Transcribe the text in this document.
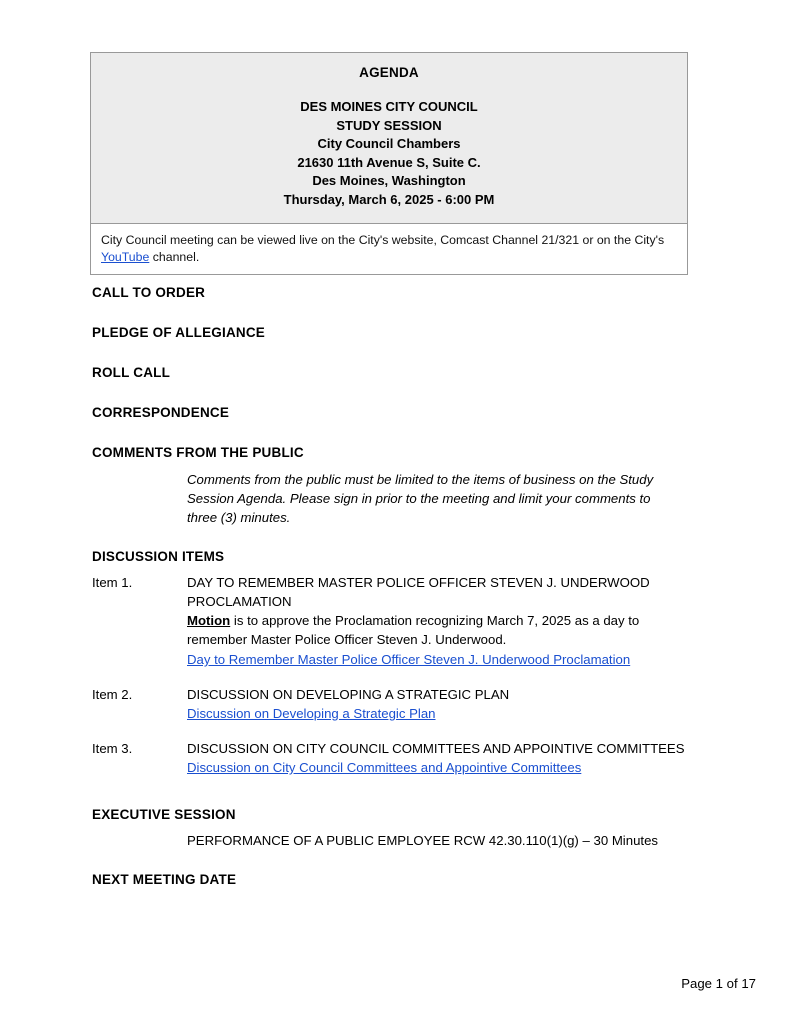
AGENDA
DES MOINES CITY COUNCIL
STUDY SESSION
City Council Chambers
21630 11th Avenue S, Suite C.
Des Moines, Washington
Thursday, March 6, 2025 - 6:00 PM
City Council meeting can be viewed live on the City's website, Comcast Channel 21/321 or on the City's YouTube channel.
CALL TO ORDER
PLEDGE OF ALLEGIANCE
ROLL CALL
CORRESPONDENCE
COMMENTS FROM THE PUBLIC
Comments from the public must be limited to the items of business on the Study Session Agenda. Please sign in prior to the meeting and limit your comments to three (3) minutes.
DISCUSSION ITEMS
Item 1.	DAY TO REMEMBER MASTER POLICE OFFICER STEVEN J. UNDERWOOD PROCLAMATION
Motion is to approve the Proclamation recognizing March 7, 2025 as a day to remember Master Police Officer Steven J. Underwood.
Day to Remember Master Police Officer Steven J. Underwood Proclamation
Item 2.	DISCUSSION ON DEVELOPING A STRATEGIC PLAN
Discussion on Developing a Strategic Plan
Item 3.	DISCUSSION ON CITY COUNCIL COMMITTEES AND APPOINTIVE COMMITTEES
Discussion on City Council Committees and Appointive Committees
EXECUTIVE SESSION
PERFORMANCE OF A PUBLIC EMPLOYEE RCW 42.30.110(1)(g) – 30 Minutes
NEXT MEETING DATE
Page 1 of 17
